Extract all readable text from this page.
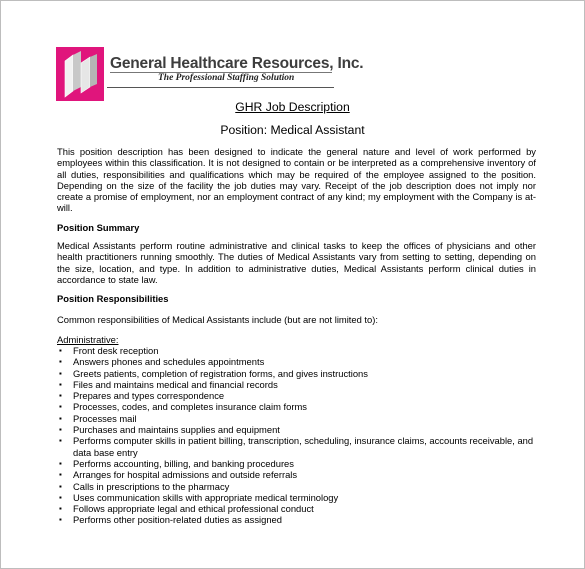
General Healthcare Resources, Inc.
The Professional Staffing Solution
GHR Job Description
Position: Medical Assistant
This position description has been designed to indicate the general nature and level of work performed by employees within this classification. It is not designed to contain or be interpreted as a comprehensive inventory of all duties, responsibilities and qualifications which may be required of the employee assigned to the position. Depending on the size of the facility the job duties may vary. Receipt of the job description does not imply nor create a promise of employment, nor an employment contract of any kind; my employment with the Company is at-will.
Position Summary
Medical Assistants perform routine administrative and clinical tasks to keep the offices of physicians and other health practitioners running smoothly. The duties of Medical Assistants vary from setting to setting, depending on the size, location, and type. In addition to administrative duties, Medical Assistants perform clinical duties in accordance to state law.
Position Responsibilities
Common responsibilities of Medical Assistants include (but are not limited to):
Administrative:
▪ Front desk reception
▪ Answers phones and schedules appointments
▪ Greets patients, completion of registration forms, and gives instructions
▪ Files and maintains medical and financial records
▪ Prepares and types correspondence
▪ Processes, codes, and completes insurance claim forms
▪ Processes mail
▪ Purchases and maintains supplies and equipment
▪ Performs computer skills in patient billing, transcription, scheduling, insurance claims, accounts receivable, and data base entry
▪ Performs accounting, billing, and banking procedures
▪ Arranges for hospital admissions and outside referrals
▪ Calls in prescriptions to the pharmacy
▪ Uses communication skills with appropriate medical terminology
▪ Follows appropriate legal and ethical professional conduct
▪ Performs other position-related duties as assigned
